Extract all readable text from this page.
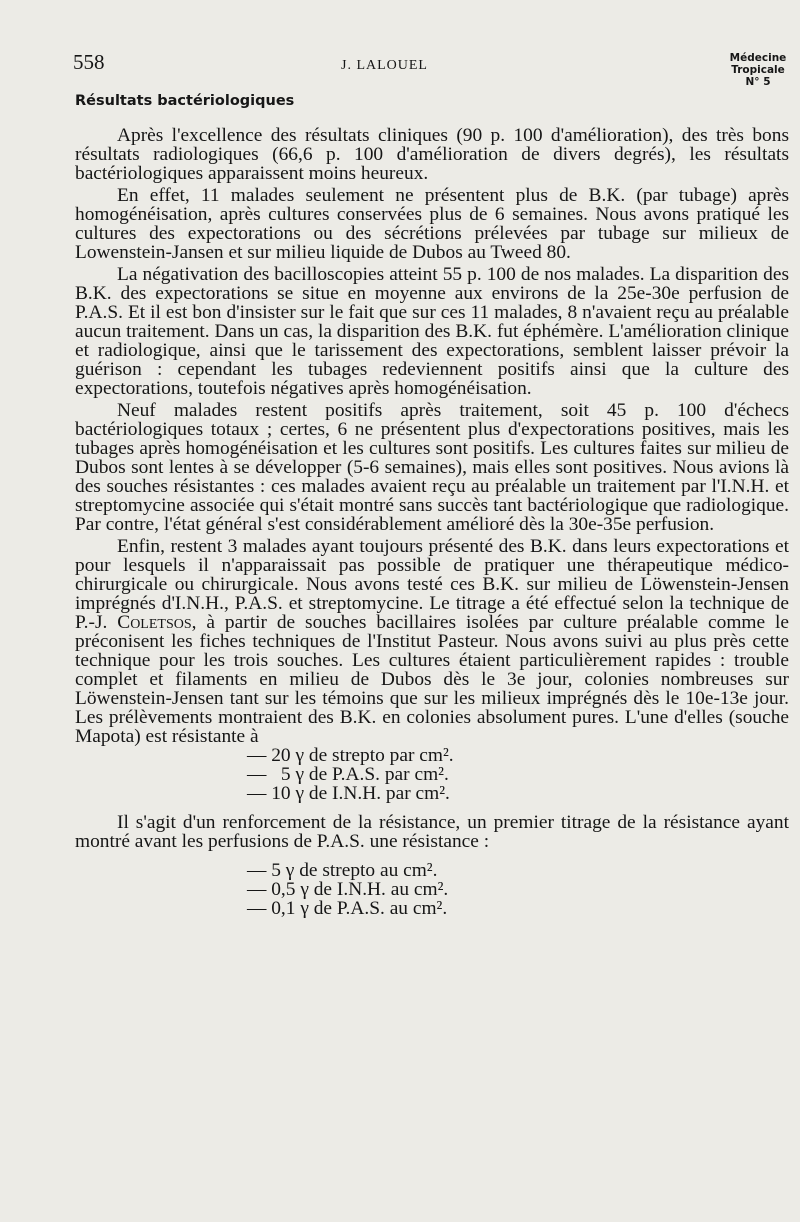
558	J. LALOUEL	Médecine
Tropicale
N° 5
Résultats bactériologiques

Après l'excellence des résultats cliniques (90 p. 100 d'amélioration), des très bons résultats radiologiques (66,6 p. 100 d'amélioration de divers degrés), les résultats bactériologiques apparaissent moins heureux.

En effet, 11 malades seulement ne présentent plus de B.K. (par tubage) après homogénéisation, après cultures conservées plus de 6 semaines. Nous avons pratiqué les cultures des expectorations ou des sécrétions prélevées par tubage sur milieux de Lowenstein-Jansen et sur milieu liquide de Dubos au Tweed 80.

La négativation des bacilloscopies atteint 55 p. 100 de nos malades. La disparition des B.K. des expectorations se situe en moyenne aux environs de la 25e-30e perfusion de P.A.S. Et il est bon d'insister sur le fait que sur ces 11 malades, 8 n'avaient reçu au préalable aucun traitement. Dans un cas, la disparition des B.K. fut éphémère. L'amélioration clinique et radiologique, ainsi que le tarissement des expectorations, semblent laisser prévoir la guérison : cependant les tubages redeviennent positifs ainsi que la culture des expectorations, toutefois négatives après homogénéisation.

Neuf malades restent positifs après traitement, soit 45 p. 100 d'échecs bactériologiques totaux ; certes, 6 ne présentent plus d'expectorations positives, mais les tubages après homogénéisation et les cultures sont positifs. Les cultures faites sur milieu de Dubos sont lentes à se développer (5-6 semaines), mais elles sont positives. Nous avions là des souches résistantes : ces malades avaient reçu au préalable un traitement par l'I.N.H. et streptomycine associée qui s'était montré sans succès tant bactériologique que radiologique. Par contre, l'état général s'est considérablement amélioré dès la 30e-35e perfusion.

Enfin, restent 3 malades ayant toujours présenté des B.K. dans leurs expectorations et pour lesquels il n'apparaissait pas possible de pratiquer une thérapeutique médico-chirurgicale ou chirurgicale. Nous avons testé ces B.K. sur milieu de Löwenstein-Jensen imprégnés d'I.N.H., P.A.S. et streptomycine. Le titrage a été effectué selon la technique de P.-J. Coletsos, à partir de souches bacillaires isolées par culture préalable comme le préconisent les fiches techniques de l'Institut Pasteur. Nous avons suivi au plus près cette technique pour les trois souches. Les cultures étaient particulièrement rapides : trouble complet et filaments en milieu de Dubos dès le 3e jour, colonies nombreuses sur Löwenstein-Jensen tant sur les témoins que sur les milieux imprégnés dès le 10e-13e jour. Les prélèvements montraient des B.K. en colonies absolument pures. L'une d'elles (souche Mapota) est résistante à

— 20 γ de strepto par cm².
—   5 γ de P.A.S. par cm².
— 10 γ de I.N.H. par cm².

Il s'agit d'un renforcement de la résistance, un premier titrage de la résistance ayant montré avant les perfusions de P.A.S. une résistance :

— 5 γ de strepto au cm².
— 0,5 γ de I.N.H. au cm².
— 0,1 γ de P.A.S. au cm².
